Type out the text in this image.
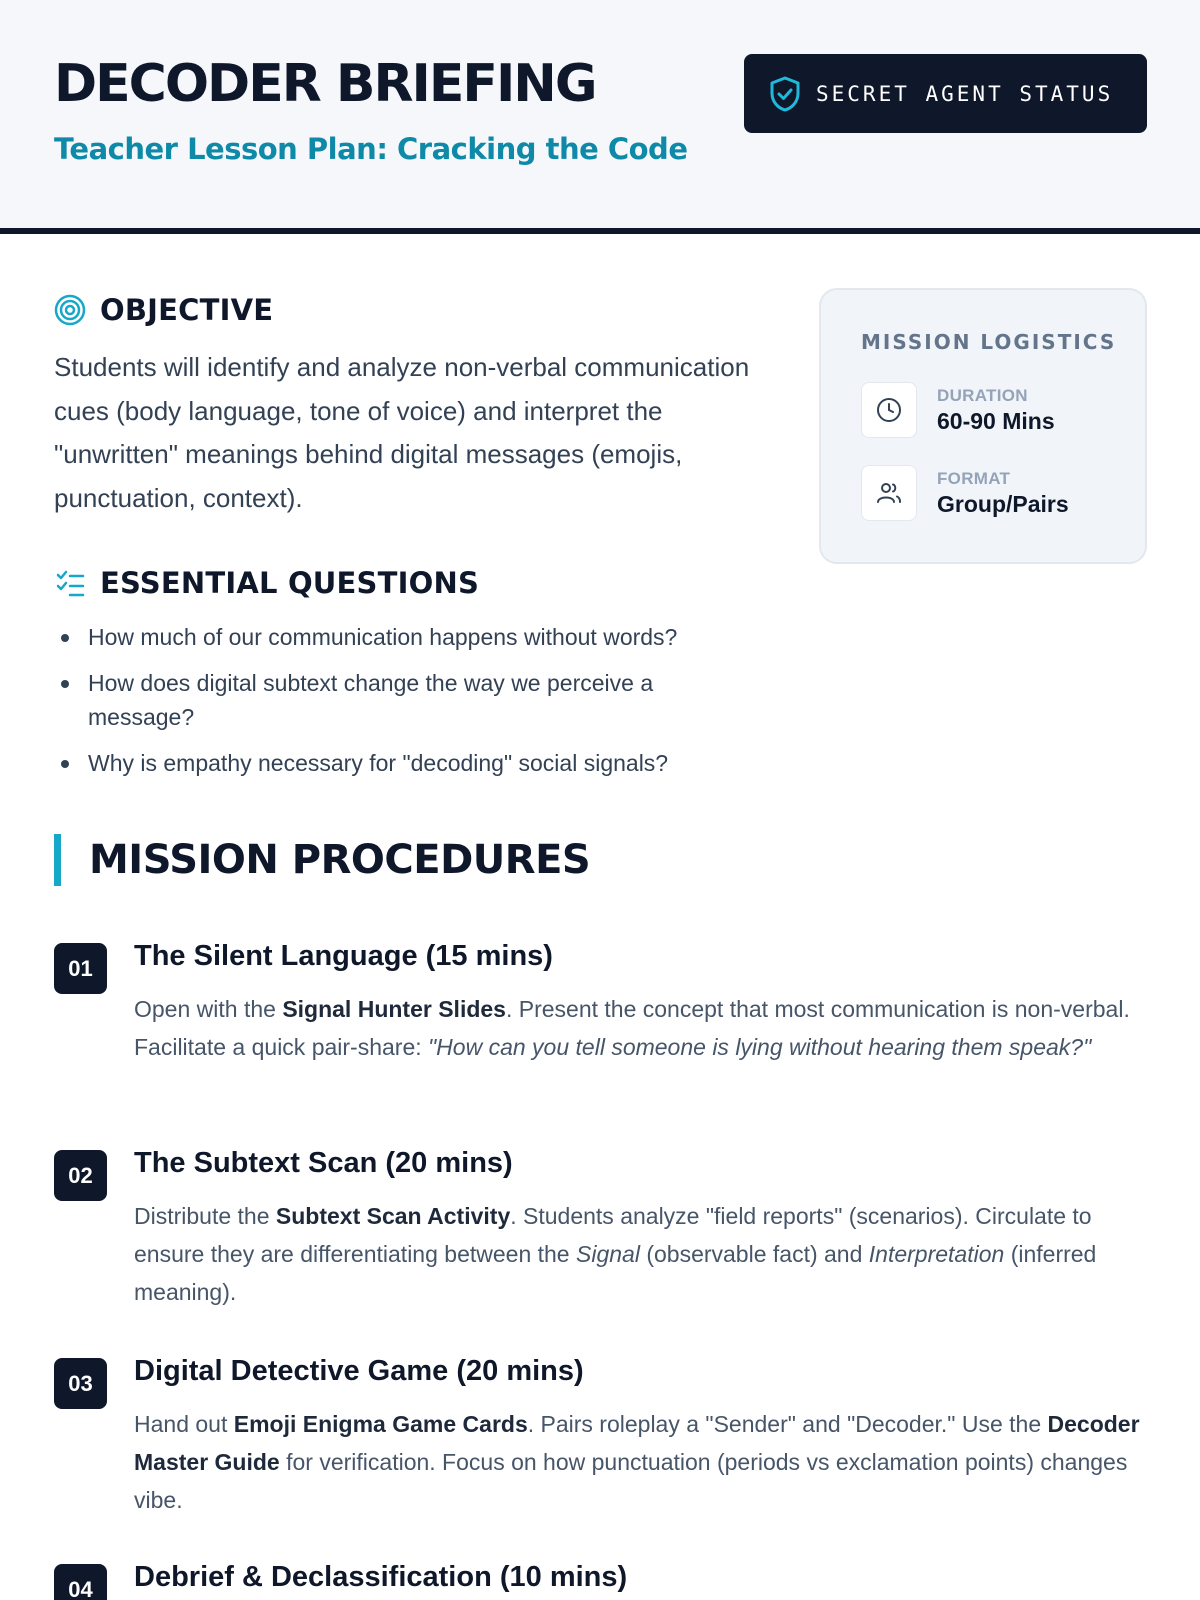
DECODER BRIEFING
Teacher Lesson Plan: Cracking the Code
SECRET AGENT STATUS
OBJECTIVE

Students will identify and analyze non-verbal communication cues (body language, tone of voice) and interpret the "unwritten" meanings behind digital messages (emojis, punctuation, context).

ESSENTIAL QUESTIONS
How much of our communication happens without words?
How does digital subtext change the way we perceive a message?
Why is empathy necessary for "decoding" social signals?
MISSION LOGISTICS
DURATION
60-90 Mins
FORMAT
Group/Pairs
MISSION PROCEDURES
01	The Silent Language (15 mins)
Open with the Signal Hunter Slides. Present the concept that most communication is non-verbal. Facilitate a quick pair-share: "How can you tell someone is lying without hearing them speak?"
02	The Subtext Scan (20 mins)
Distribute the Subtext Scan Activity. Students analyze "field reports" (scenarios). Circulate to ensure they are differentiating between the Signal (observable fact) and Interpretation (inferred meaning).
03	Digital Detective Game (20 mins)
Hand out Emoji Enigma Game Cards. Pairs roleplay a "Sender" and "Decoder." Use the Decoder Master Guide for verification. Focus on how punctuation (periods vs exclamation points) changes vibe.
04	Debrief & Declassification (10 mins)
